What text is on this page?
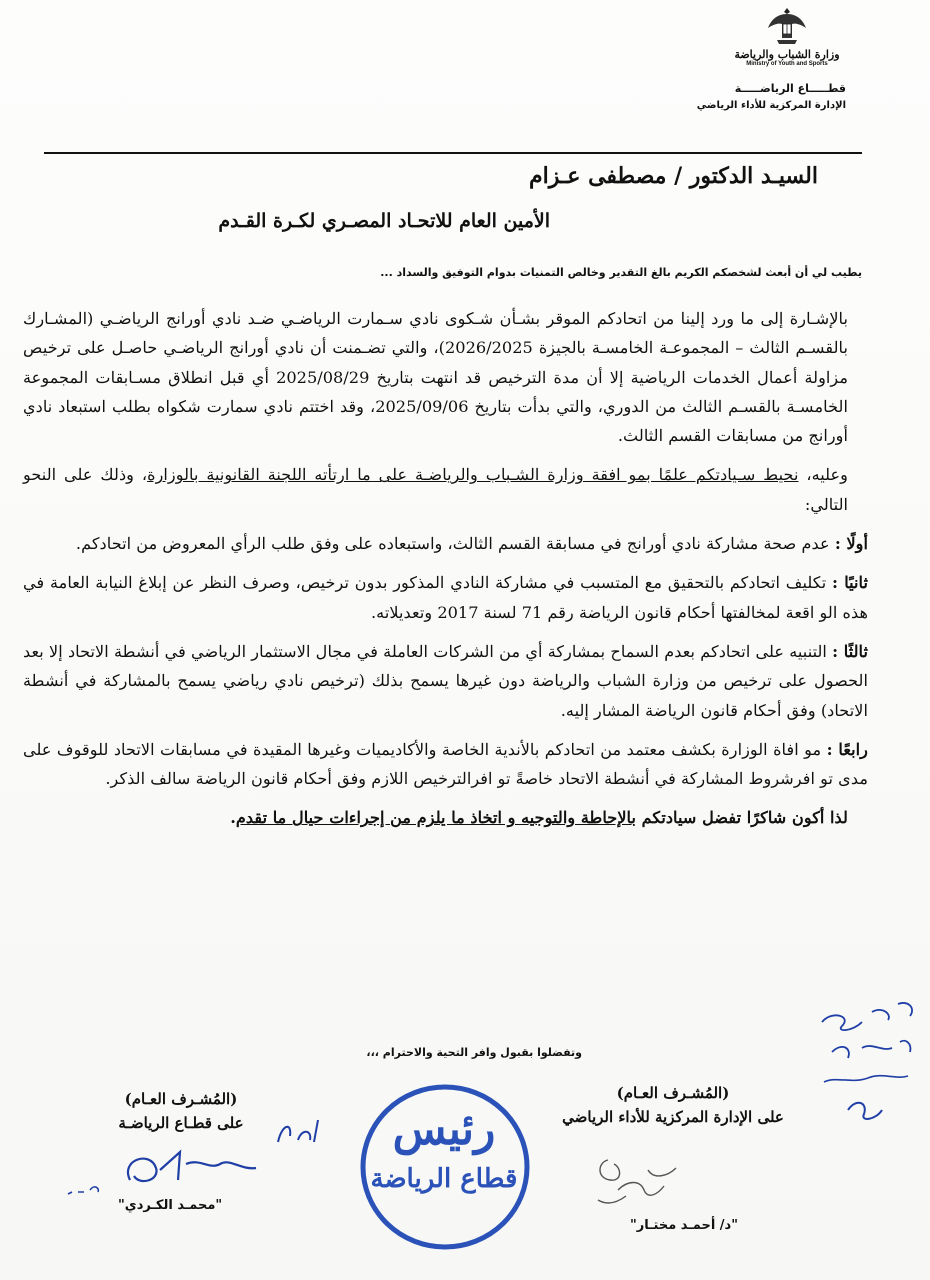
وزارة الشباب والرياضة
Ministry of Youth and Sports
قطـــــاع الرياضـــــة
الإدارة المركزية للأداء الرياضي
السيـد الدكتور / مصطفى عـزام
الأمين العام للاتحـاد المصـري لكـرة القـدم
يطيب لي أن أبعث لشخصكم الكريم بالغ التقدير وخالص التمنيات بدوام التوفيق والسداد ...

بالإشـارة إلى ما ورد إلينا من اتحادكم الموقر بشـأن شـكوى نادي سـمارت الرياضـي ضـد نادي أورانج الرياضـي (المشـارك بالقسـم الثالث – المجموعـة الخامسـة بالجيزة 2026/2025)، والتي تضـمنت أن نادي أورانج الرياضـي حاصـل على ترخيص مزاولة أعمال الخدمات الرياضية إلا أن مدة الترخيص قد انتهت بتاريخ 2025/08/29 أي قبل انطلاق مسـابقات المجموعة الخامسـة بالقسـم الثالث من الدوري، والتي بدأت بتاريخ 2025/09/06، وقد اختتم نادي سمارت شكواه بطلب استبعاد نادي أورانج من مسابقات القسم الثالث.

وعليه، نحيط سـيادتكم علمًا بمو افقة وزارة الشـباب والرياضـة على ما ارتأته اللجنة القانونية بالوزارة، وذلك على النحو التالي:

أولًا : عدم صحة مشاركة نادي أورانج في مسابقة القسم الثالث، واستبعاده على وفق طلب الرأي المعروض من اتحادكم.

ثانيًا : تكليف اتحادكم بالتحقيق مع المتسبب في مشاركة النادي المذكور بدون ترخيص، وصرف النظر عن إبلاغ النيابة العامة في هذه الو اقعة لمخالفتها أحكام قانون الرياضة رقم 71 لسنة 2017 وتعديلاته.

ثالثًا : التنبيه على اتحادكم بعدم السماح بمشاركة أي من الشركات العاملة في مجال الاستثمار الرياضي في أنشطة الاتحاد إلا بعد الحصول على ترخيص من وزارة الشباب والرياضة دون غيرها يسمح بذلك (ترخيص نادي رياضي يسمح بالمشاركة في أنشطة الاتحاد) وفق أحكام قانون الرياضة المشار إليه.

رابعًا : مو افاة الوزارة بكشف معتمد من اتحادكم بالأندية الخاصة والأكاديميات وغيرها المقيدة في مسابقات الاتحاد للوقوف على مدى تو افرشروط المشاركة في أنشطة الاتحاد خاصةً تو افرالترخيص اللازم وفق أحكام قانون الرياضة سالف الذكر.

لذا أكون شاكرًا تفضل سيادتكم بالإحاطة والتوجيه و اتخاذ ما يلزم من إجراءات حيال ما تقدم.

وتفضلوا بقبول وافر التحية والاحترام ،،،
(المُشـرف العـام)
على الإدارة المركزية للأداء الرياضي
"د/ أحمـد مختـار"
رئيس
قطاع الرياضة
(المُشـرف العـام)
على قطـاع الرياضـة
"محمـد الكـردي"
